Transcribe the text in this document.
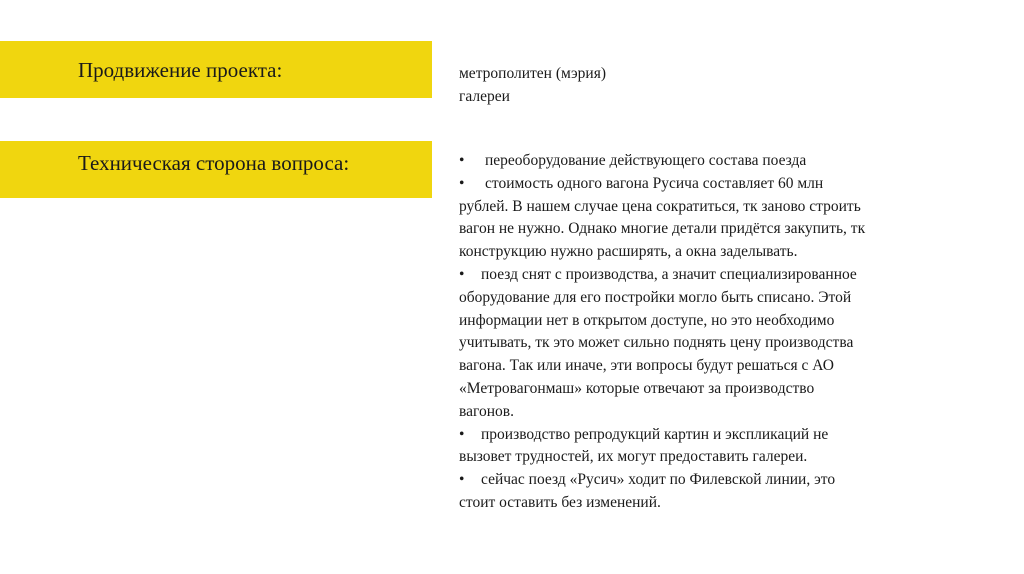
Продвижение проекта:
Техническая сторона вопроса:
метрополитен (мэрия)
галереи
• переоборудование действующего состава поезда
• стоимость одного вагона Русича составляет 60 млн
рублей. В нашем случае цена сократиться, тк заново строить
вагон не нужно. Однако многие детали придётся закупить, тк
конструкцию нужно расширять, а окна заделывать.
• поезд снят с производства, а значит специализированное
оборудование для его постройки могло быть списано. Этой
информации нет в открытом доступе, но это необходимо
учитывать, тк это может сильно поднять цену производства
вагона. Так или иначе, эти вопросы будут решаться с АО
«Метровагонмаш» которые отвечают за производство
вагонов.
• производство репродукций картин и экспликаций не
вызовет трудностей, их могут предоставить галереи.
• сейчас поезд «Русич» ходит по Филевской линии, это
стоит оставить без изменений.
